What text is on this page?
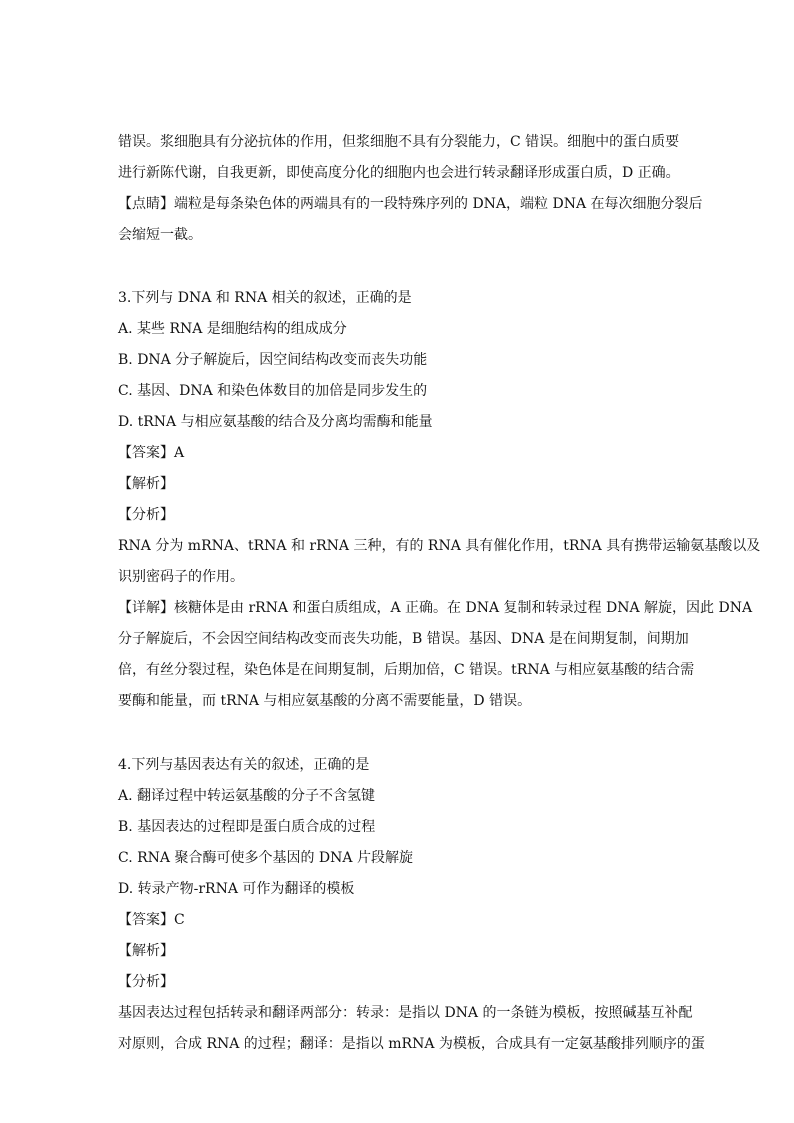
错误。浆细胞具有分泌抗体的作用，但浆细胞不具有分裂能力，C 错误。细胞中的蛋白质要
进行新陈代谢，自我更新，即使高度分化的细胞内也会进行转录翻译形成蛋白质，D 正确。
【点睛】端粒是每条染色体的两端具有的一段特殊序列的 DNA，端粒 DNA 在每次细胞分裂后
会缩短一截。
3.下列与 DNA 和 RNA 相关的叙述，正确的是
A. 某些 RNA 是细胞结构的组成成分
B. DNA 分子解旋后，因空间结构改变而丧失功能
C. 基因、DNA 和染色体数目的加倍是同步发生的
D. tRNA 与相应氨基酸的结合及分离均需酶和能量
【答案】A
【解析】
【分析】
RNA 分为 mRNA、tRNA 和 rRNA 三种，有的 RNA 具有催化作用，tRNA 具有携带运输氨基酸以及
识别密码子的作用。
【详解】核糖体是由 rRNA 和蛋白质组成，A 正确。在 DNA 复制和转录过程 DNA 解旋，因此 DNA
分子解旋后，不会因空间结构改变而丧失功能，B 错误。基因、DNA 是在间期复制，间期加
倍，有丝分裂过程，染色体是在间期复制，后期加倍，C 错误。tRNA 与相应氨基酸的结合需
要酶和能量，而 tRNA 与相应氨基酸的分离不需要能量，D 错误。
4.下列与基因表达有关的叙述，正确的是
A. 翻译过程中转运氨基酸的分子不含氢键
B. 基因表达的过程即是蛋白质合成的过程
C. RNA 聚合酶可使多个基因的 DNA 片段解旋
D. 转录产物-rRNA 可作为翻译的模板
【答案】C
【解析】
【分析】
基因表达过程包括转录和翻译两部分：转录：是指以 DNA 的一条链为模板，按照碱基互补配
对原则，合成 RNA 的过程；翻译：是指以 mRNA 为模板，合成具有一定氨基酸排列顺序的蛋
